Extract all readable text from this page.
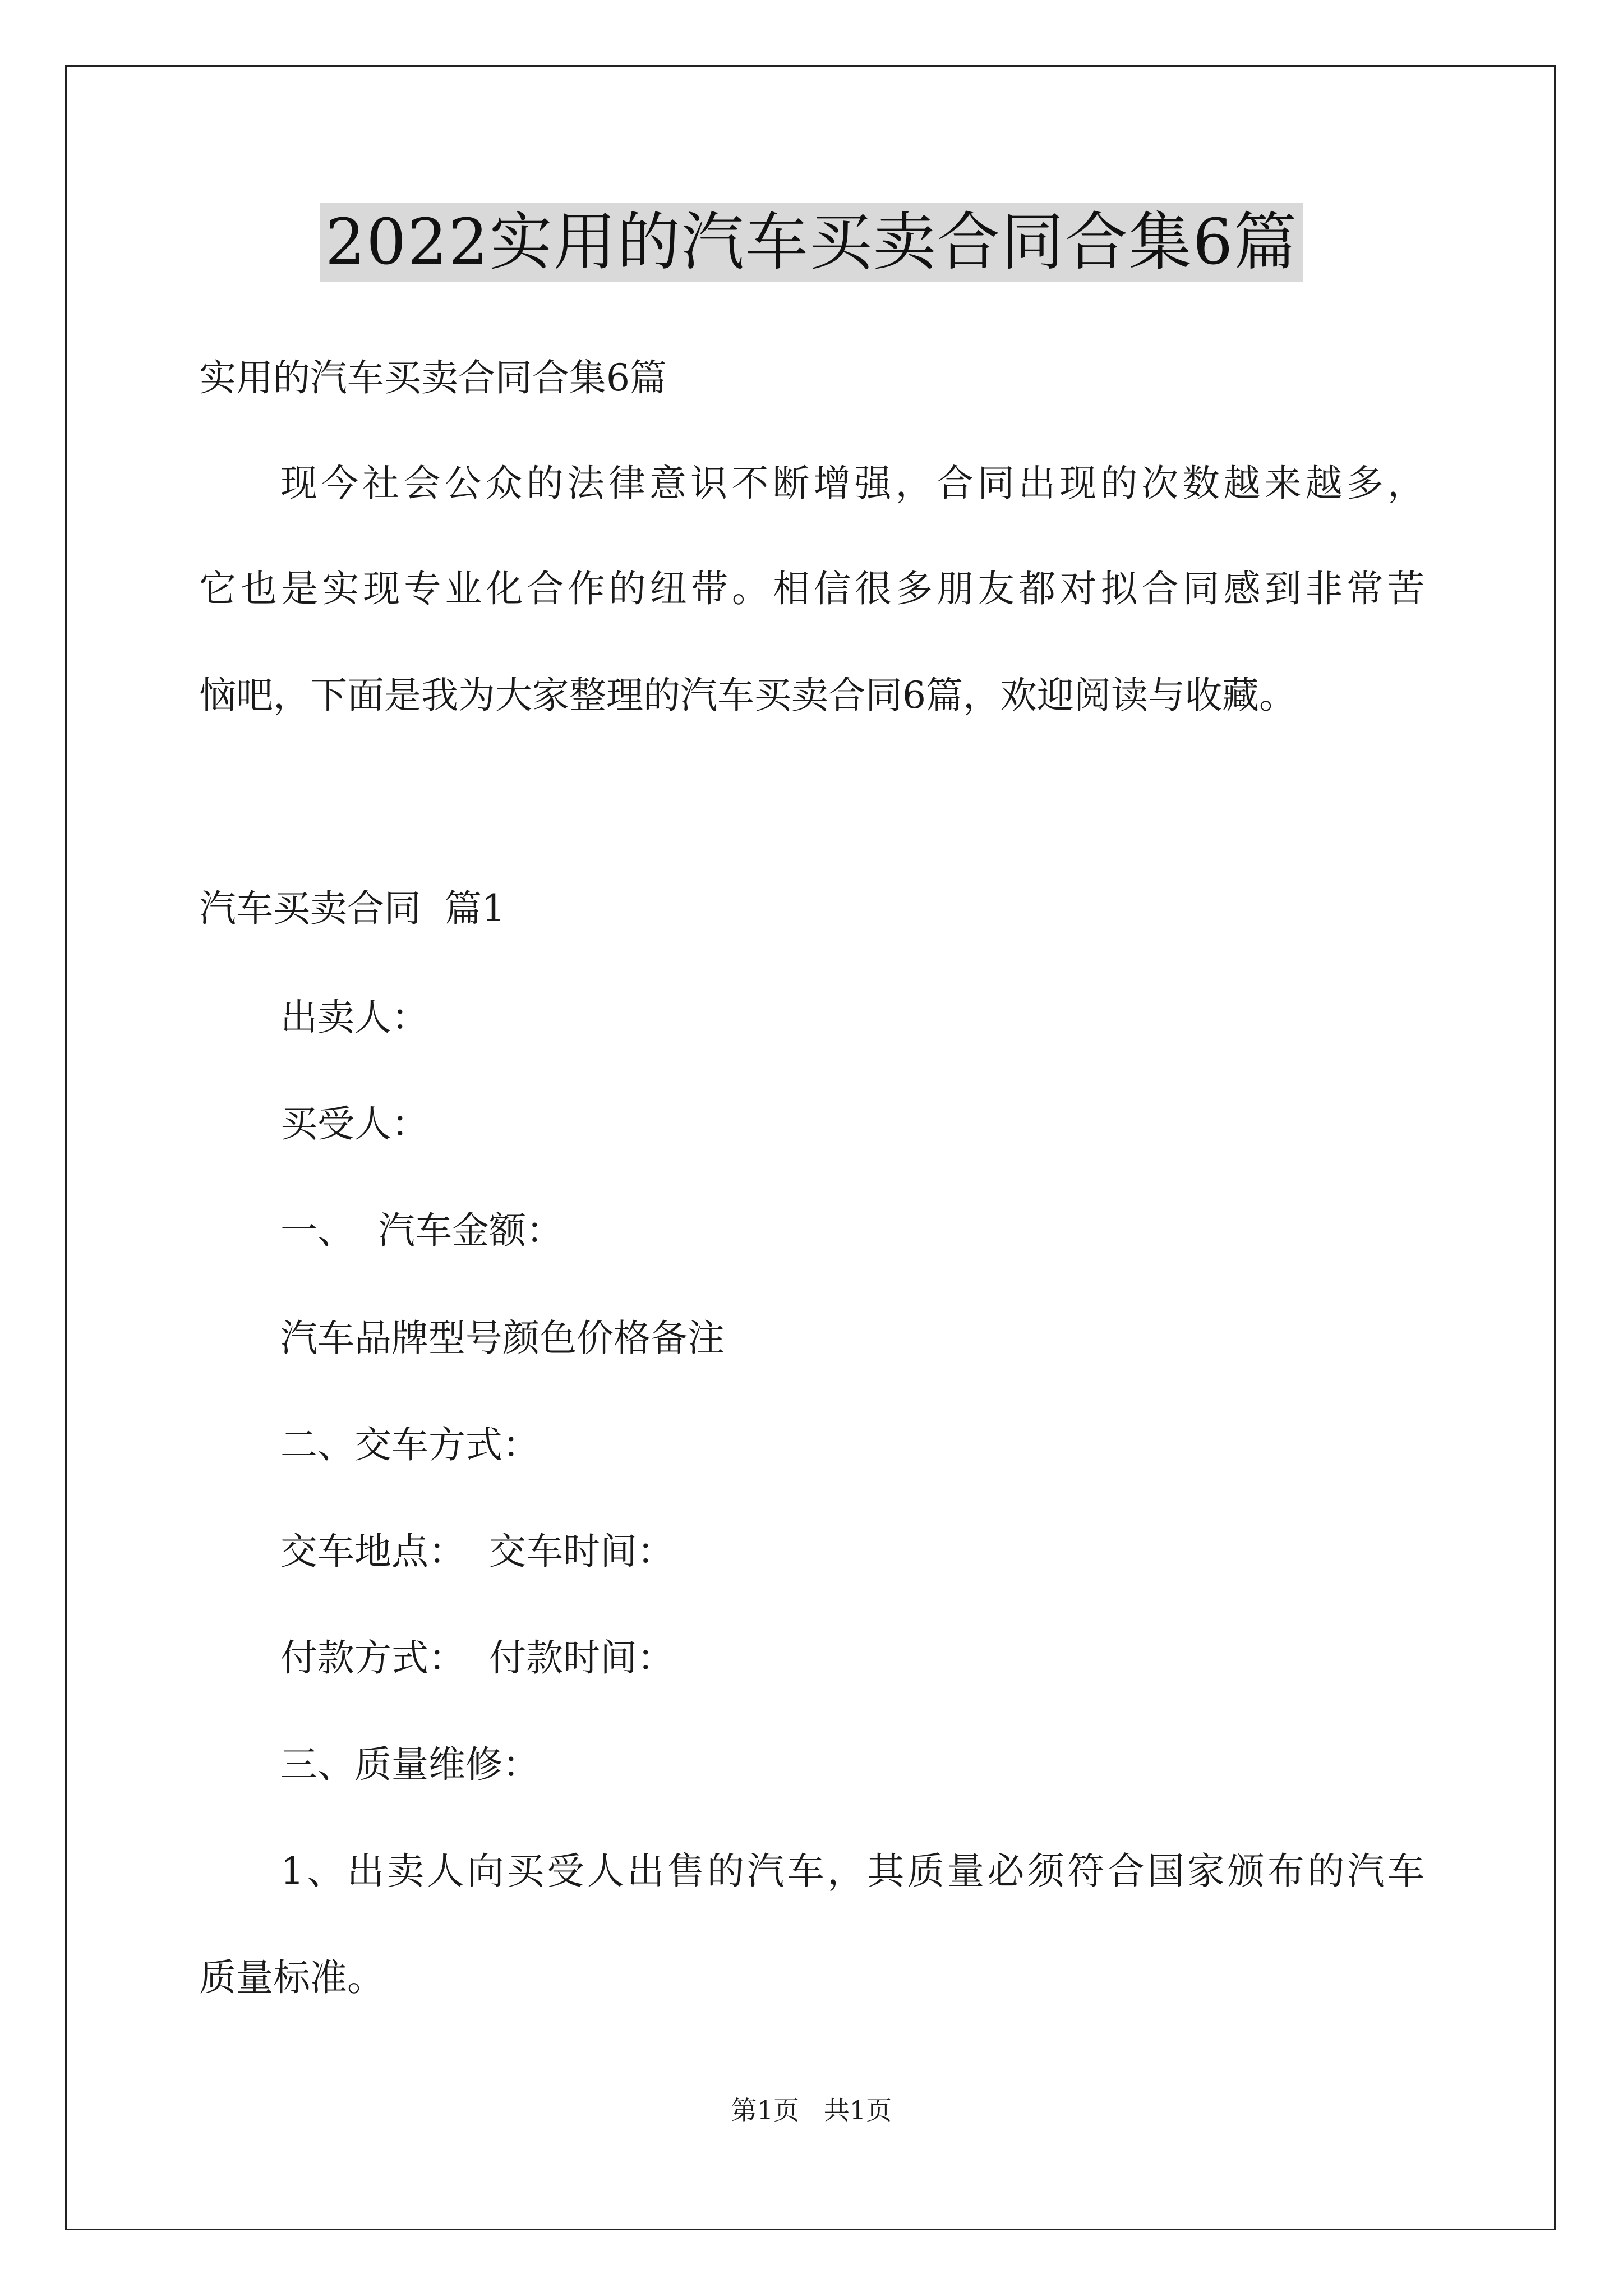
2022实用的汽车买卖合同合集6篇
实用的汽车买卖合同合集6篇
现今社会公众的法律意识不断增强，合同出现的次数越来越多，
它也是实现专业化合作的纽带。相信很多朋友都对拟合同感到非常苦
恼吧，下面是我为大家整理的汽车买卖合同6篇，欢迎阅读与收藏。
汽车买卖合同  篇1
出卖人：
买受人：
一、  汽车金额：
汽车品牌型号颜色价格备注
二、交车方式：
交车地点：  交车时间：
付款方式：  付款时间：
三、质量维修：
1、出卖人向买受人出售的汽车，其质量必须符合国家颁布的汽车
质量标准。
第1页   共1页
